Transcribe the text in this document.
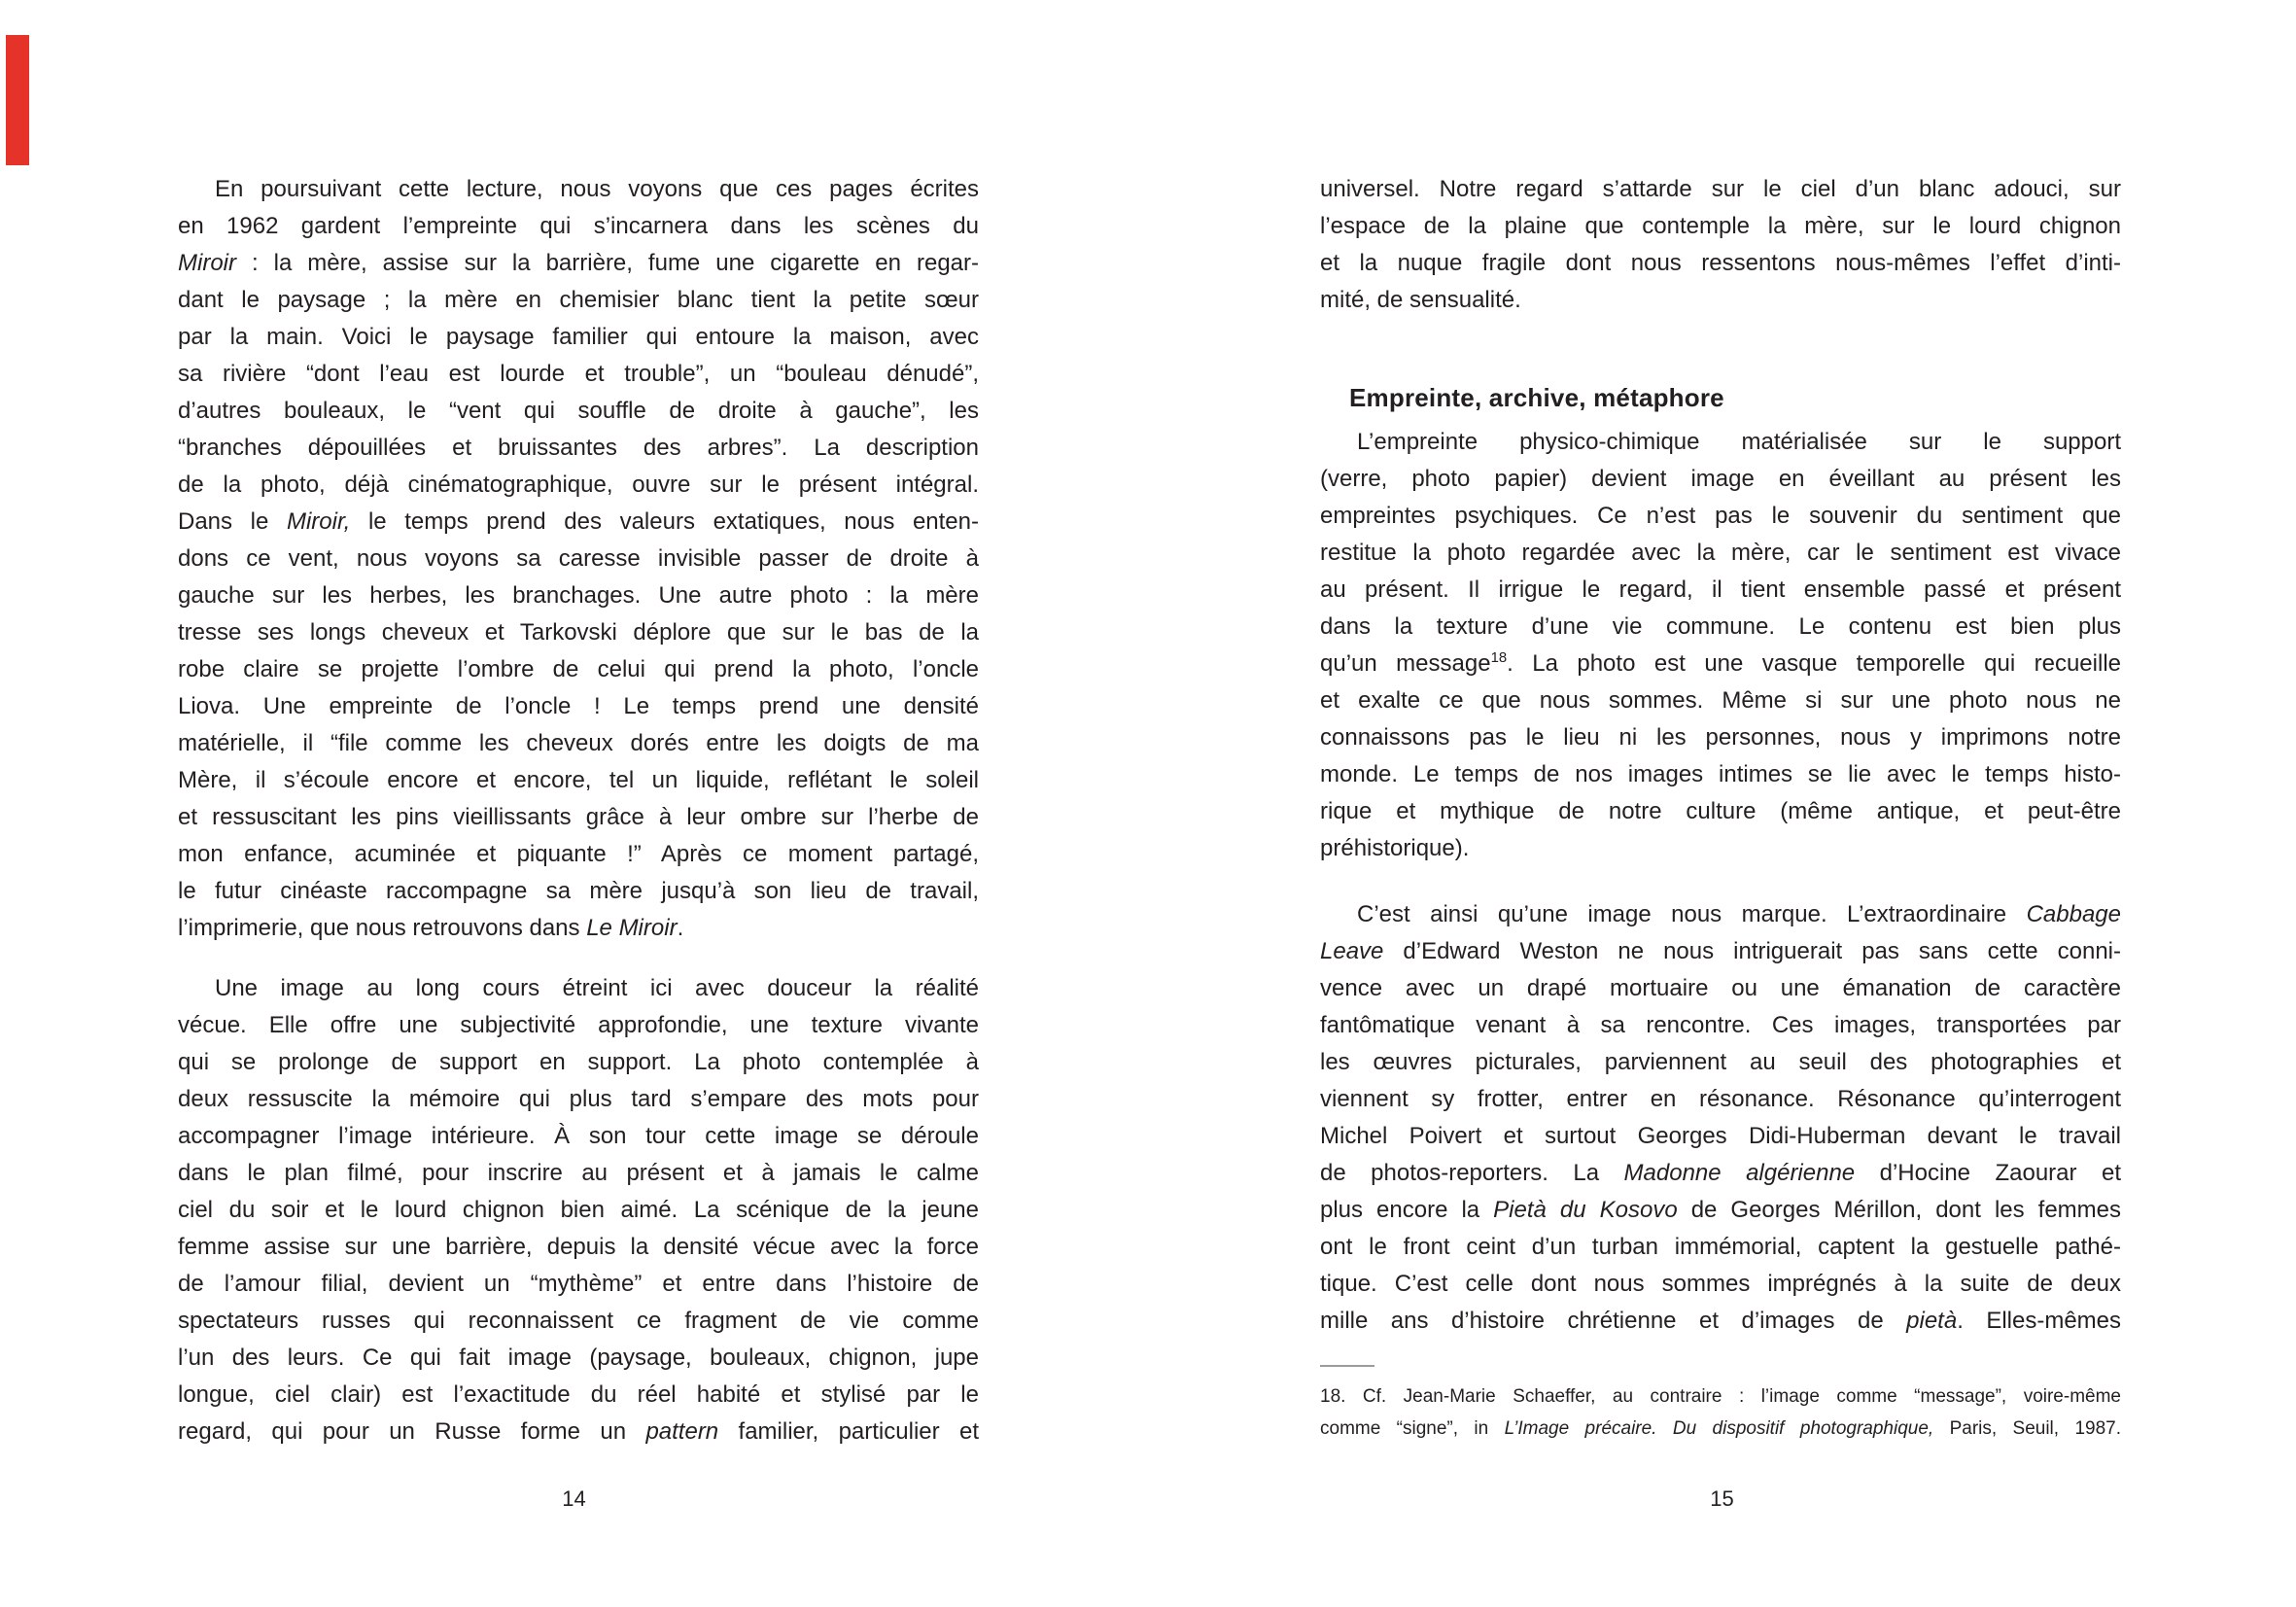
En poursuivant cette lecture, nous voyons que ces pages écrites
en 1962 gardent l’empreinte qui s’incarnera dans les scènes du
Miroir : la mère, assise sur la barrière, fume une cigarette en regar-
dant le paysage ; la mère en chemisier blanc tient la petite sœur
par la main. Voici le paysage familier qui entoure la maison, avec
sa rivière “dont l’eau est lourde et trouble”, un “bouleau dénudé”,
d’autres bouleaux, le “vent qui souffle de droite à gauche”, les
“branches dépouillées et bruissantes des arbres”. La description
de la photo, déjà cinématographique, ouvre sur le présent intégral.
Dans le Miroir, le temps prend des valeurs extatiques, nous enten-
dons ce vent, nous voyons sa caresse invisible passer de droite à
gauche sur les herbes, les branchages. Une autre photo : la mère
tresse ses longs cheveux et Tarkovski déplore que sur le bas de la
robe claire se projette l’ombre de celui qui prend la photo, l’oncle
Liova. Une empreinte de l’oncle ! Le temps prend une densité
matérielle, il “file comme les cheveux dorés entre les doigts de ma
Mère, il s’écoule encore et encore, tel un liquide, reflétant le soleil
et ressuscitant les pins vieillissants grâce à leur ombre sur l’herbe de
mon enfance, acuminée et piquante !” Après ce moment partagé,
le futur cinéaste raccompagne sa mère jusqu’à son lieu de travail,
l’imprimerie, que nous retrouvons dans Le Miroir.
Une image au long cours étreint ici avec douceur la réalité
vécue. Elle offre une subjectivité approfondie, une texture vivante
qui se prolonge de support en support. La photo contemplée à
deux ressuscite la mémoire qui plus tard s’empare des mots pour
accompagner l’image intérieure. À son tour cette image se déroule
dans le plan filmé, pour inscrire au présent et à jamais le calme
ciel du soir et le lourd chignon bien aimé. La scénique de la jeune
femme assise sur une barrière, depuis la densité vécue avec la force
de l’amour filial, devient un “mythème” et entre dans l’histoire de
spectateurs russes qui reconnaissent ce fragment de vie comme
l’un des leurs. Ce qui fait image (paysage, bouleaux, chignon, jupe
longue, ciel clair) est l’exactitude du réel habité et stylisé par le
regard, qui pour un Russe forme un pattern familier, particulier et
14
universel. Notre regard s’attarde sur le ciel d’un blanc adouci, sur
l’espace de la plaine que contemple la mère, sur le lourd chignon
et la nuque fragile dont nous ressentons nous-mêmes l’effet d’inti-
mité, de sensualité.
Empreinte, archive, métaphore
L’empreinte physico-chimique matérialisée sur le support
(verre, photo papier) devient image en éveillant au présent les
empreintes psychiques. Ce n’est pas le souvenir du sentiment que
restitue la photo regardée avec la mère, car le sentiment est vivace
au présent. Il irrigue le regard, il tient ensemble passé et présent
dans la texture d’une vie commune. Le contenu est bien plus
qu’un message$^{18}$. La photo est une vasque temporelle qui recueille
et exalte ce que nous sommes. Même si sur une photo nous ne
connaissons pas le lieu ni les personnes, nous y imprimons notre
monde. Le temps de nos images intimes se lie avec le temps histo-
rique et mythique de notre culture (même antique, et peut-être
préhistorique).
C’est ainsi qu’une image nous marque. L’extraordinaire Cabbage
Leave d’Edward Weston ne nous intriguerait pas sans cette conni-
vence avec un drapé mortuaire ou une émanation de caractère
fantômatique venant à sa rencontre. Ces images, transportées par
les œuvres picturales, parviennent au seuil des photographies et
viennent sy frotter, entrer en résonance. Résonance qu’interrogent
Michel Poivert et surtout Georges Didi-Huberman devant le travail
de photos-reporters. La Madonne algérienne d’Hocine Zaourar et
plus encore la Pietà du Kosovo de Georges Mérillon, dont les femmes
ont le front ceint d’un turban immémorial, captent la gestuelle pathé-
tique. C’est celle dont nous sommes imprégnés à la suite de deux
mille ans d’histoire chrétienne et d’images de pietà. Elles-mêmes
18. Cf. Jean-Marie Schaeffer, au contraire : l’image comme “message”, voire-même
comme “signe”, in L’Image précaire. Du dispositif photographique, Paris, Seuil, 1987.
15
